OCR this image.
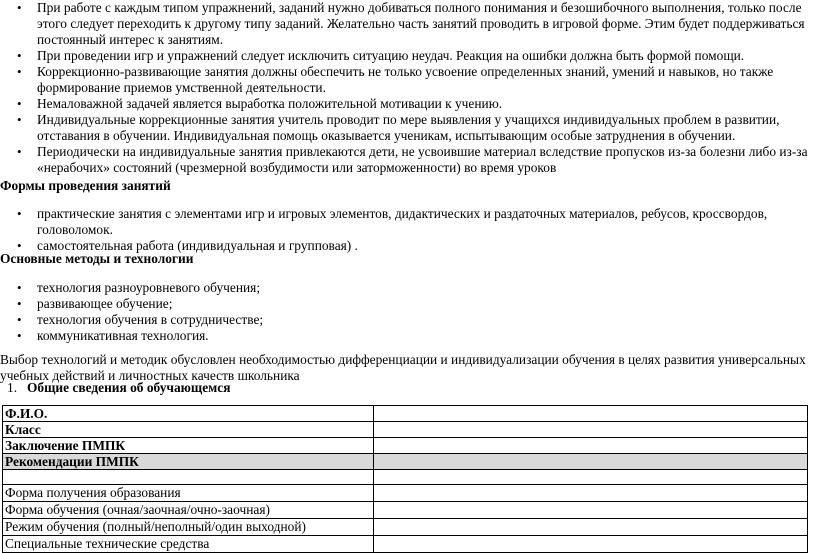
• При работе с каждым типом упражнений, заданий нужно добиваться полного понимания и безошибочного выполнения, только после этого следует переходить к другому типу заданий. Желательно часть занятий проводить в игровой форме. Этим будет поддерживаться постоянный интерес к занятиям.
• При проведении игр и упражнений следует исключить ситуацию неудач. Реакция на ошибки должна быть формой помощи.
• Коррекционно-развивающие занятия должны обеспечить не только усвоение определенных знаний, умений и навыков, но также формирование приемов умственной деятельности.
• Немаловажной задачей является выработка положительной мотивации к учению.
• Индивидуальные коррекционные занятия учитель проводит по мере выявления у учащихся индивидуальных проблем в развитии, отставания в обучении. Индивидуальная помощь оказывается ученикам, испытывающим особые затруднения в обучении.
• Периодически на индивидуальные занятия привлекаются дети, не усвоившие материал вследствие пропусков из-за болезни либо из-за «нерабочих» состояний (чрезмерной возбудимости или заторможенности) во время уроков
Формы проведения занятий
• практические занятия с элементами игр и игровых элементов, дидактических и раздаточных материалов, ребусов, кроссвордов, головоломок.
• самостоятельная работа (индивидуальная и групповая) .
Основные методы и технологии
• технология разноуровневого обучения;
• развивающее обучение;
• технология обучения в сотрудничестве;
• коммуникативная технология.
Выбор технологий и методик обусловлен необходимостью дифференциации и индивидуализации обучения в целях развития универсальных учебных действий и личностных качеств школьника
1. Общие сведения об обучающемся
Ф.И.О.	
Класс	
Заключение ПМПК	
Рекомендации ПМПК	

Форма получения образования	
Форма обучения (очная/заочная/очно-заочная)	
Режим обучения (полный/неполный/один выходной)	
Специальные технические средства	
